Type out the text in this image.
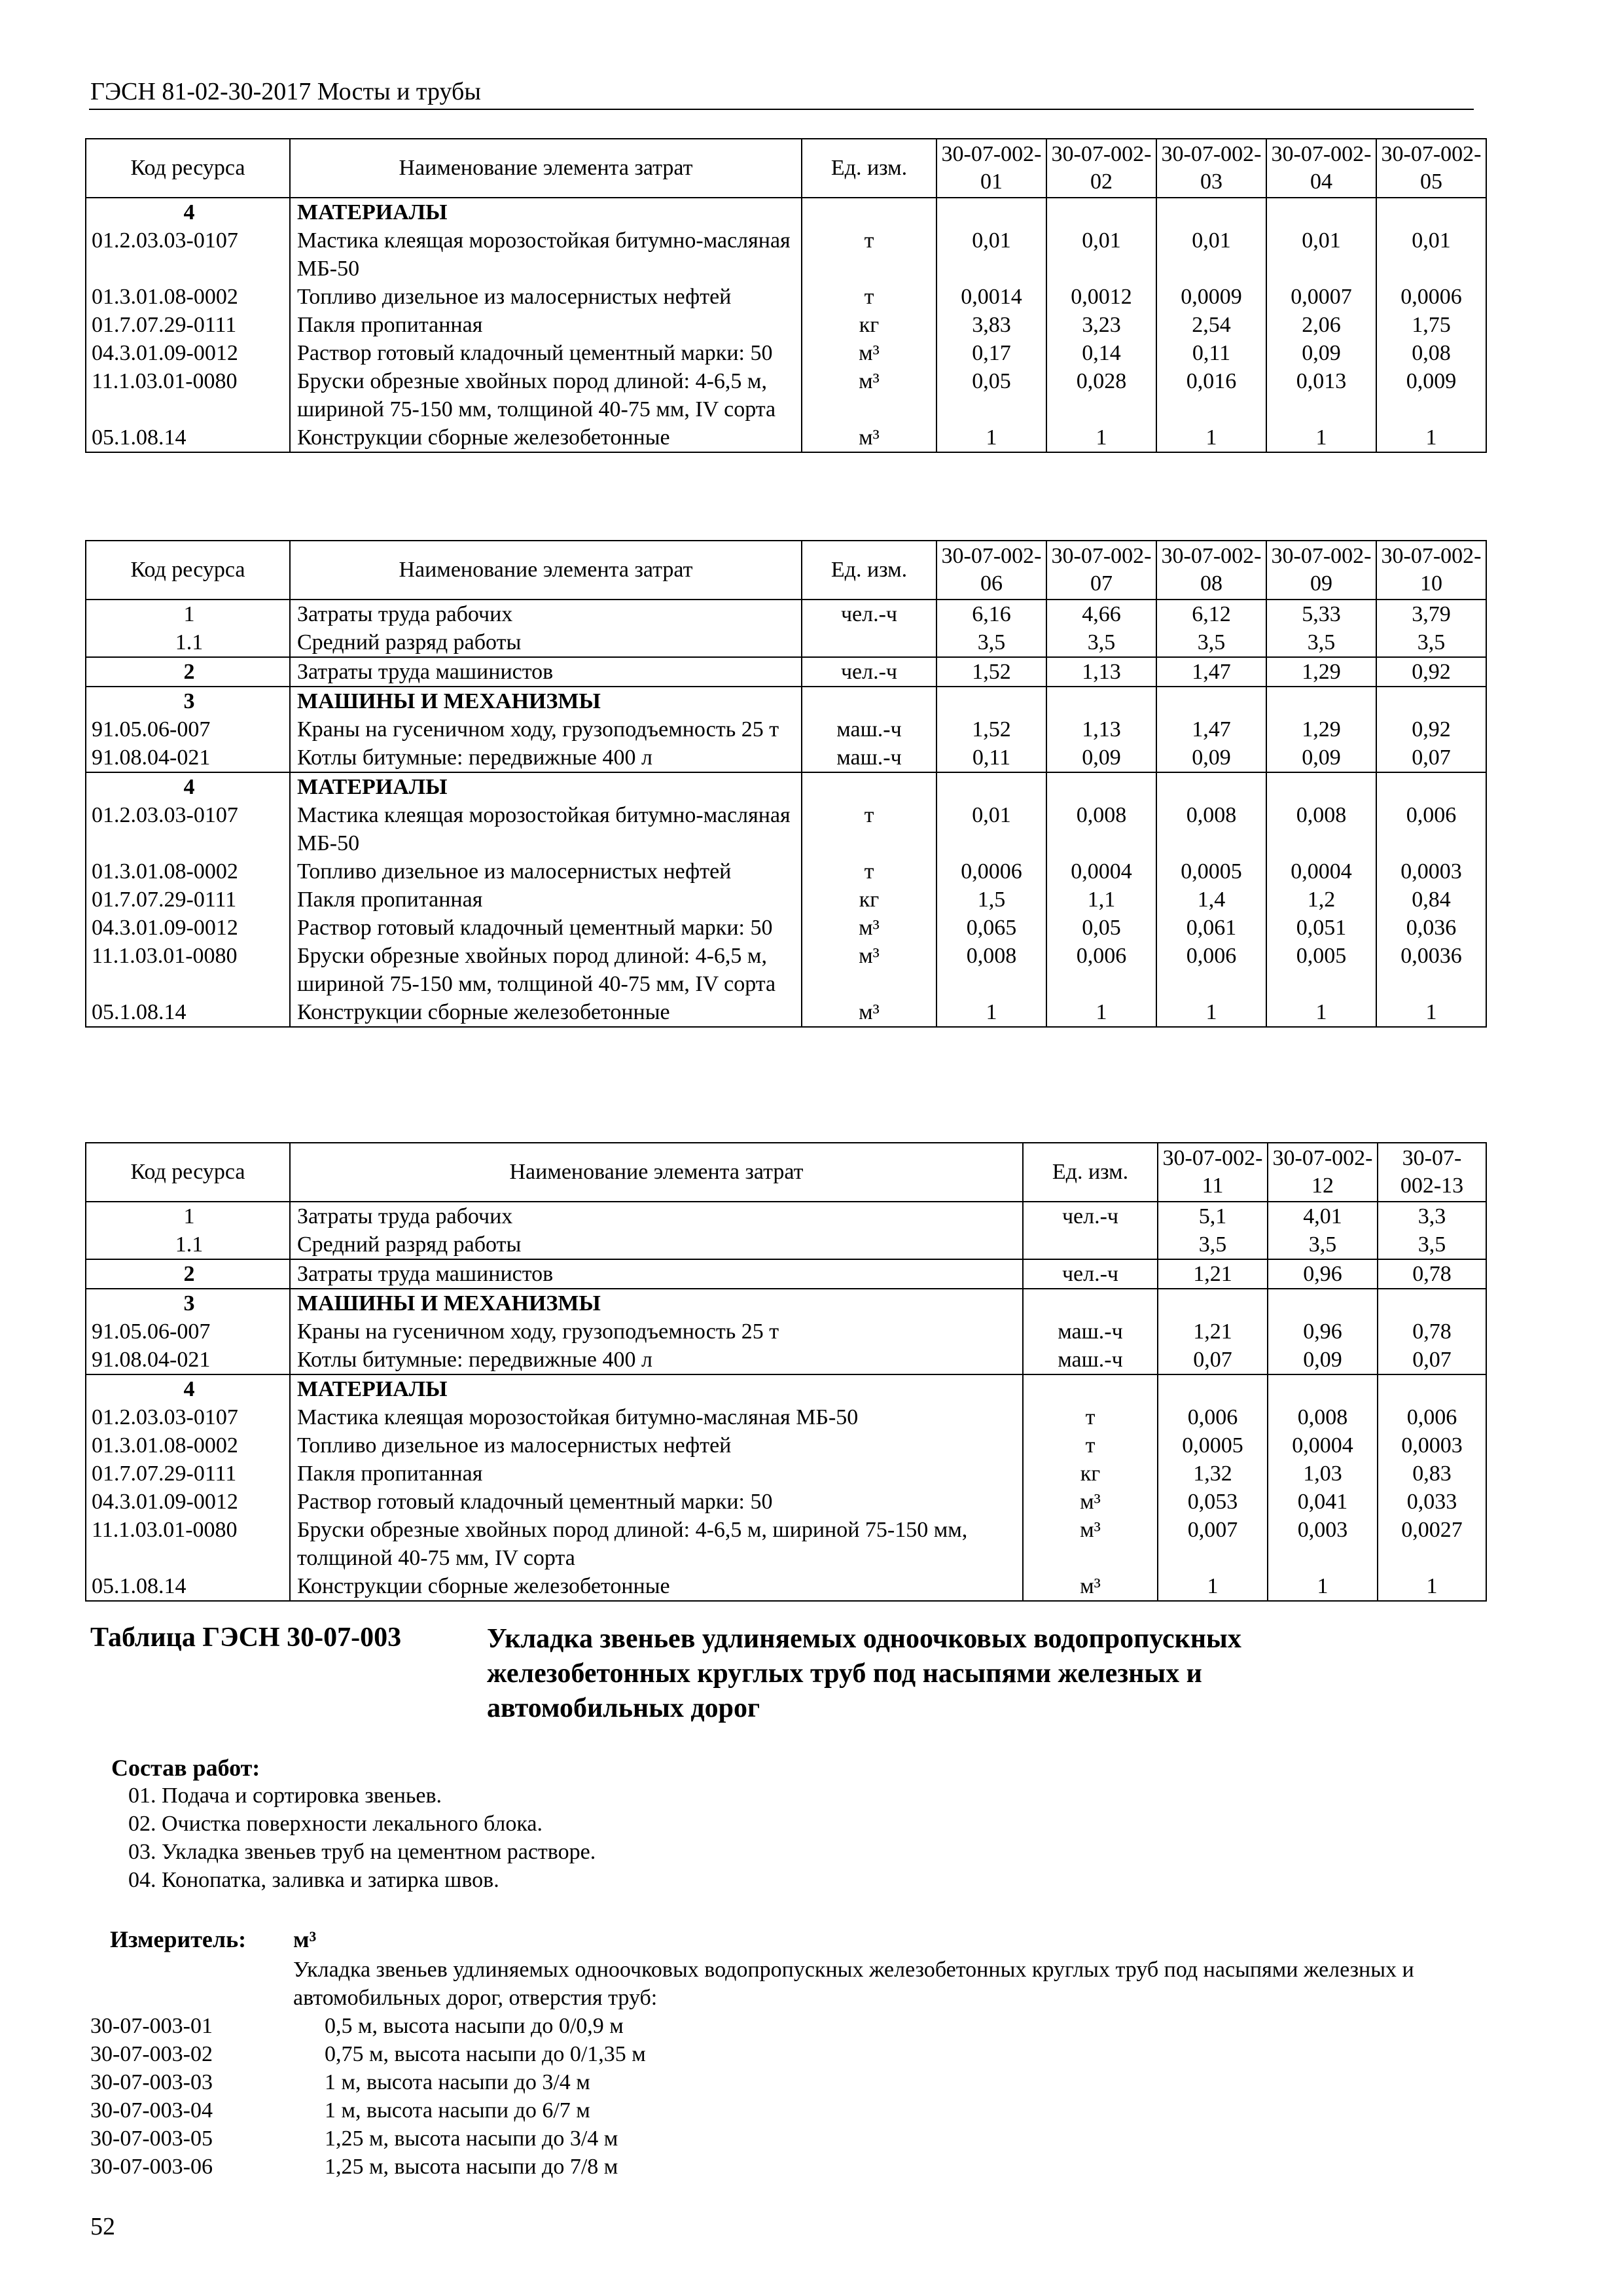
ГЭСН 81-02-30-2017 Мосты и трубы
Код ресурса	Наименование элемента затрат	Ед. изм.	30-07-002-01	30-07-002-02	30-07-002-03	30-07-002-04	30-07-002-05
4	МАТЕРИАЛЫ						
01.2.03.03-0107	Мастика клеящая морозостойкая битумно-масляная МБ-50	т	0,01	0,01	0,01	0,01	0,01
01.3.01.08-0002	Топливо дизельное из малосернистых нефтей	т	0,0014	0,0012	0,0009	0,0007	0,0006
01.7.07.29-0111	Пакля пропитанная	кг	3,83	3,23	2,54	2,06	1,75
04.3.01.09-0012	Раствор готовый кладочный цементный марки: 50	м³	0,17	0,14	0,11	0,09	0,08
11.1.03.01-0080	Бруски обрезные хвойных пород длиной: 4-6,5 м, шириной 75-150 мм, толщиной 40-75 мм, IV сорта	м³	0,05	0,028	0,016	0,013	0,009
05.1.08.14	Конструкции сборные железобетонные	м³	1	1	1	1	1
Код ресурса	Наименование элемента затрат	Ед. изм.	30-07-002-06	30-07-002-07	30-07-002-08	30-07-002-09	30-07-002-10
1	Затраты труда рабочих	чел.-ч	6,16	4,66	6,12	5,33	3,79
1.1	Средний разряд работы		3,5	3,5	3,5	3,5	3,5
2	Затраты труда машинистов	чел.-ч	1,52	1,13	1,47	1,29	0,92
3	МАШИНЫ И МЕХАНИЗМЫ						
91.05.06-007	Краны на гусеничном ходу, грузоподъемность 25 т	маш.-ч	1,52	1,13	1,47	1,29	0,92
91.08.04-021	Котлы битумные: передвижные 400 л	маш.-ч	0,11	0,09	0,09	0,09	0,07
4	МАТЕРИАЛЫ						
01.2.03.03-0107	Мастика клеящая морозостойкая битумно-масляная МБ-50	т	0,01	0,008	0,008	0,008	0,006
01.3.01.08-0002	Топливо дизельное из малосернистых нефтей	т	0,0006	0,0004	0,0005	0,0004	0,0003
01.7.07.29-0111	Пакля пропитанная	кг	1,5	1,1	1,4	1,2	0,84
04.3.01.09-0012	Раствор готовый кладочный цементный марки: 50	м³	0,065	0,05	0,061	0,051	0,036
11.1.03.01-0080	Бруски обрезные хвойных пород длиной: 4-6,5 м, шириной 75-150 мм, толщиной 40-75 мм, IV сорта	м³	0,008	0,006	0,006	0,005	0,0036
05.1.08.14	Конструкции сборные железобетонные	м³	1	1	1	1	1
Код ресурса	Наименование элемента затрат	Ед. изм.	30-07-002-11	30-07-002-12	30-07-002-13
1	Затраты труда рабочих	чел.-ч	5,1	4,01	3,3
1.1	Средний разряд работы		3,5	3,5	3,5
2	Затраты труда машинистов	чел.-ч	1,21	0,96	0,78
3	МАШИНЫ И МЕХАНИЗМЫ				
91.05.06-007	Краны на гусеничном ходу, грузоподъемность 25 т	маш.-ч	1,21	0,96	0,78
91.08.04-021	Котлы битумные: передвижные 400 л	маш.-ч	0,07	0,09	0,07
4	МАТЕРИАЛЫ				
01.2.03.03-0107	Мастика клеящая морозостойкая битумно-масляная МБ-50	т	0,006	0,008	0,006
01.3.01.08-0002	Топливо дизельное из малосернистых нефтей	т	0,0005	0,0004	0,0003
01.7.07.29-0111	Пакля пропитанная	кг	1,32	1,03	0,83
04.3.01.09-0012	Раствор готовый кладочный цементный марки: 50	м³	0,053	0,041	0,033
11.1.03.01-0080	Бруски обрезные хвойных пород длиной: 4-6,5 м, шириной 75-150 мм, толщиной 40-75 мм, IV сорта	м³	0,007	0,003	0,0027
05.1.08.14	Конструкции сборные железобетонные	м³	1	1	1
Таблица ГЭСН 30-07-003	Укладка звеньев удлиняемых одноочковых водопропускных железобетонных круглых труб под насыпями железных и автомобильных дорог
Состав работ:
01. Подача и сортировка звеньев.
02. Очистка поверхности лекального блока.
03. Укладка звеньев труб на цементном растворе.
04. Конопатка, заливка и затирка швов.
Измеритель: м³
Укладка звеньев удлиняемых одноочковых водопропускных железобетонных круглых труб под насыпями железных и автомобильных дорог, отверстия труб:
30-07-003-01	0,5 м, высота насыпи до 0/0,9 м
30-07-003-02	0,75 м, высота насыпи до 0/1,35 м
30-07-003-03	1 м, высота насыпи до 3/4 м
30-07-003-04	1 м, высота насыпи до 6/7 м
30-07-003-05	1,25 м, высота насыпи до 3/4 м
30-07-003-06	1,25 м, высота насыпи до 7/8 м
52
